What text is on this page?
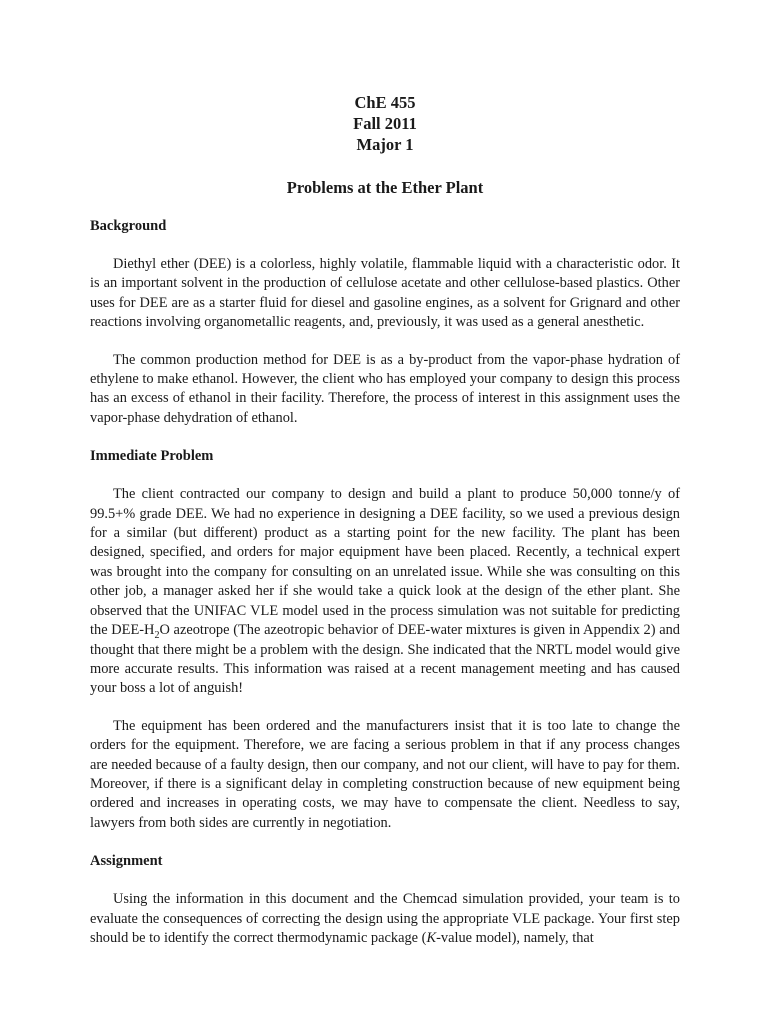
ChE 455
Fall 2011
Major 1
Problems at the Ether Plant
Background

Diethyl ether (DEE) is a colorless, highly volatile, flammable liquid with a characteristic odor. It is an important solvent in the production of cellulose acetate and other cellulose-based plastics. Other uses for DEE are as a starter fluid for diesel and gasoline engines, as a solvent for Grignard and other reactions involving organometallic reagents, and, previously, it was used as a general anesthetic.

The common production method for DEE is as a by-product from the vapor-phase hydration of ethylene to make ethanol. However, the client who has employed your company to design this process has an excess of ethanol in their facility. Therefore, the process of interest in this assignment uses the vapor-phase dehydration of ethanol.

Immediate Problem

The client contracted our company to design and build a plant to produce 50,000 tonne/y of 99.5+% grade DEE. We had no experience in designing a DEE facility, so we used a previous design for a similar (but different) product as a starting point for the new facility. The plant has been designed, specified, and orders for major equipment have been placed. Recently, a technical expert was brought into the company for consulting on an unrelated issue. While she was consulting on this other job, a manager asked her if she would take a quick look at the design of the ether plant. She observed that the UNIFAC VLE model used in the process simulation was not suitable for predicting the DEE-$H_2O$ azeotrope (The azeotropic behavior of DEE-water mixtures is given in Appendix 2) and thought that there might be a problem with the design. She indicated that the NRTL model would give more accurate results. This information was raised at a recent management meeting and has caused your boss a lot of anguish!

The equipment has been ordered and the manufacturers insist that it is too late to change the orders for the equipment. Therefore, we are facing a serious problem in that if any process changes are needed because of a faulty design, then our company, and not our client, will have to pay for them. Moreover, if there is a significant delay in completing construction because of new equipment being ordered and increases in operating costs, we may have to compensate the client. Needless to say, lawyers from both sides are currently in negotiation.

Assignment

Using the information in this document and the Chemcad simulation provided, your team is to evaluate the consequences of correcting the design using the appropriate VLE package. Your first step should be to identify the correct thermodynamic package (K-value model), namely, that
